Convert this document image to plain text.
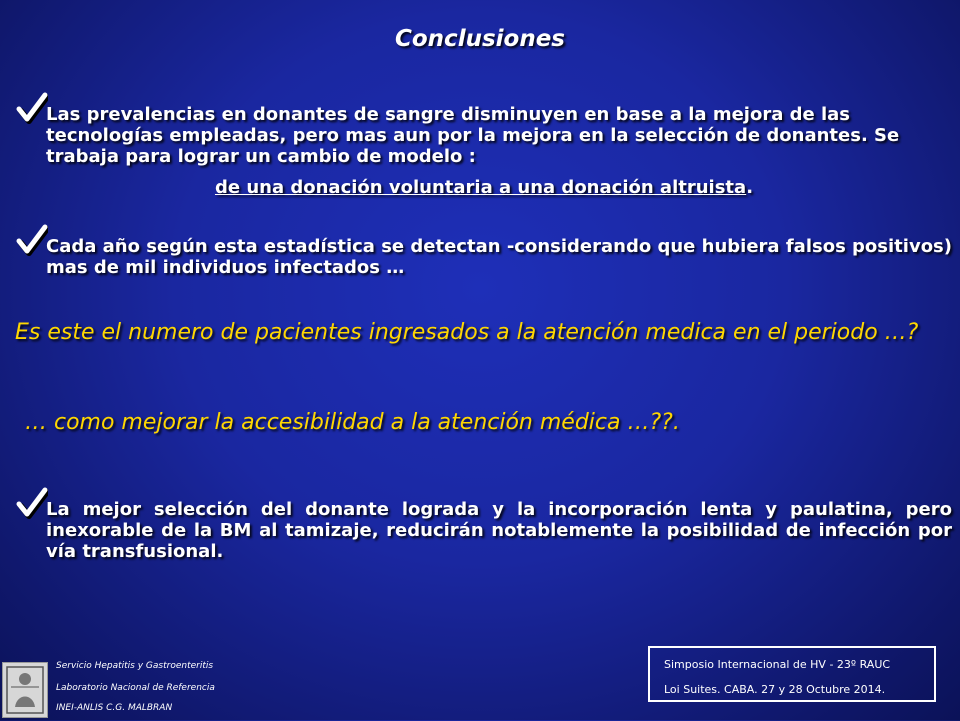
Conclusiones
Las prevalencias en donantes de sangre disminuyen en base a la mejora de las tecnologías empleadas, pero mas aun por la mejora en la selección de donantes. Se trabaja para lograr un cambio de modelo :
de una donación voluntaria a una donación altruista.
Cada año según esta estadística se detectan -considerando que hubiera falsos positivos) mas de mil individuos infectados …
Es este el numero de pacientes ingresados a la atención medica en el periodo …?
… como mejorar la accesibilidad a la atención médica …??.
La mejor selección del donante lograda y la incorporación lenta y paulatina, pero inexorable de la BM al tamizaje, reducirán notablemente la posibilidad de infección por vía transfusional.
Servicio Hepatitis y Gastroenteritis
Laboratorio Nacional de Referencia
INEI-ANLIS C.G. MALBRAN
Simposio Internacional de HV - 23º RAUC
Loi Suites. CABA. 27 y 28 Octubre 2014.
